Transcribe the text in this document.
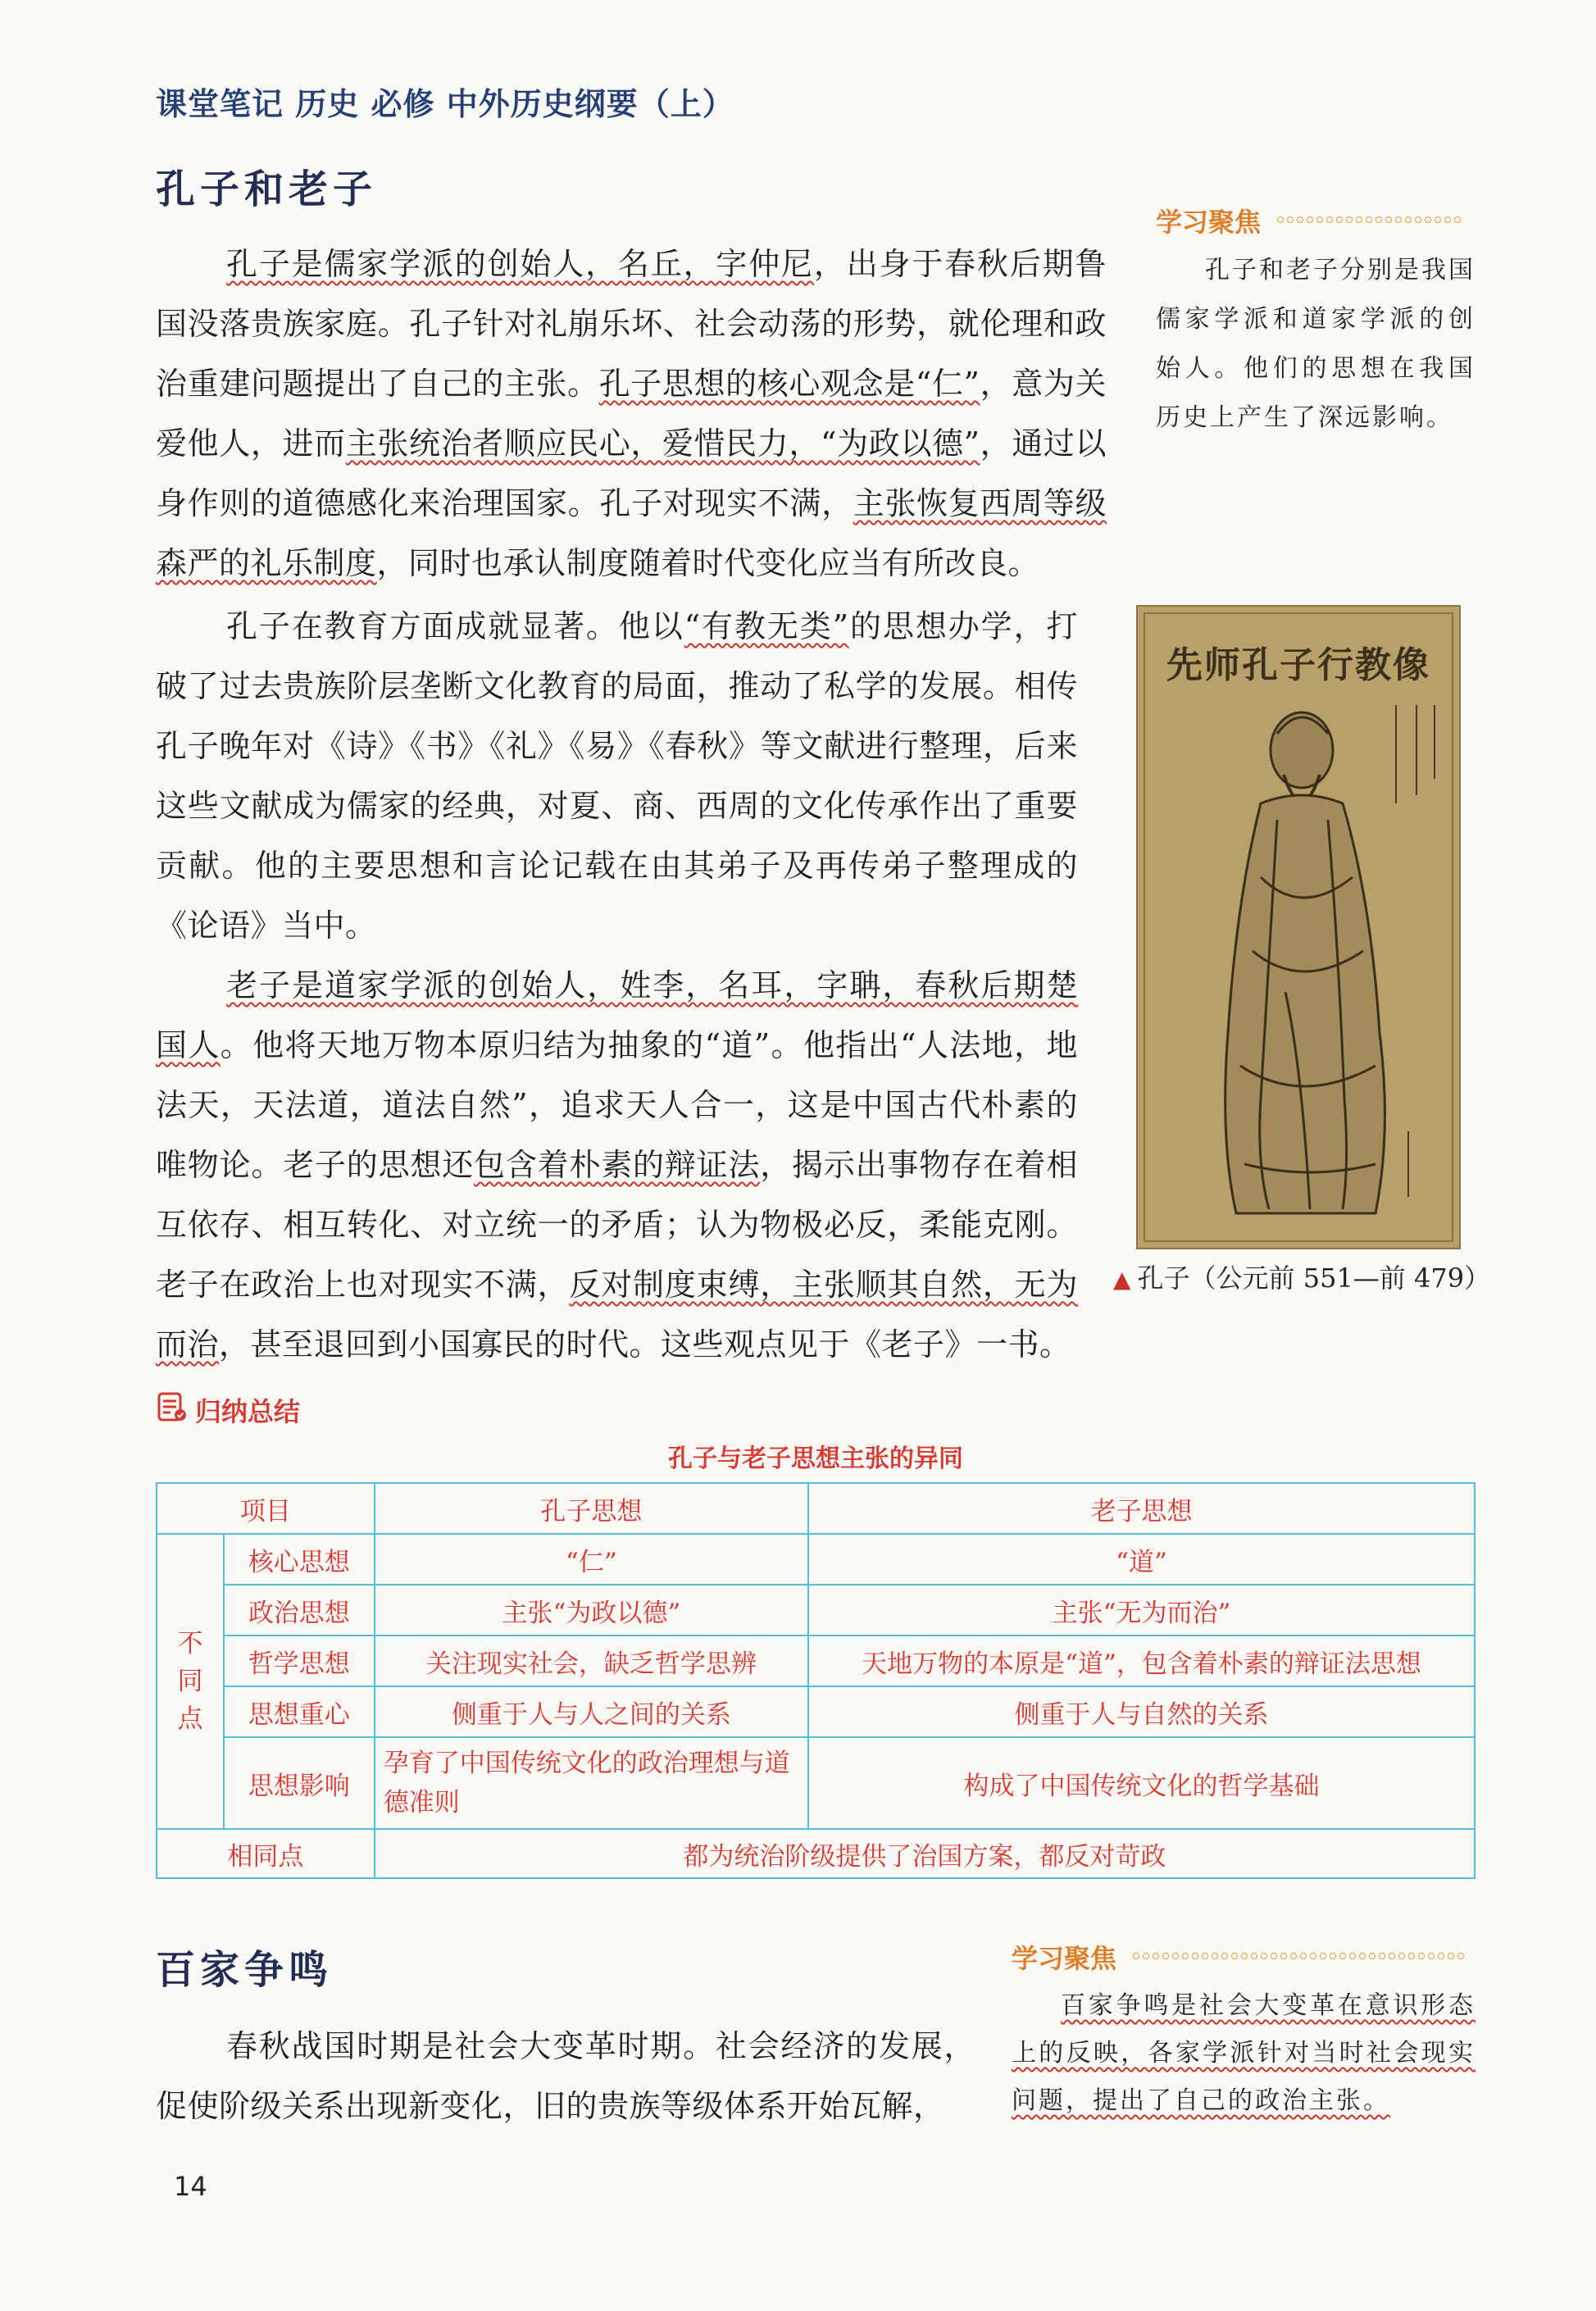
课堂笔记 历史 必修 中外历史纲要（上）
孔子和老子
学习聚焦

孔子和老子分别是我国儒家学派和道家学派的创始人。他们的思想在我国历史上产生了深远影响。

孔子是儒家学派的创始人，名丘，字仲尼，出身于春秋后期鲁国没落贵族家庭。孔子针对礼崩乐坏、社会动荡的形势，就伦理和政治重建问题提出了自己的主张。孔子思想的核心观念是“仁”，意为关爱他人，进而主张统治者顺应民心，爱惜民力，“为政以德”，通过以身作则的道德感化来治理国家。孔子对现实不满，主张恢复西周等级森严的礼乐制度，同时也承认制度随着时代变化应当有所改良。

孔子在教育方面成就显著。他以“有教无类”的思想办学，打破了过去贵族阶层垄断文化教育的局面，推动了私学的发展。相传孔子晚年对《诗》《书》《礼》《易》《春秋》等文献进行整理，后来这些文献成为儒家的经典，对夏、商、西周的文化传承作出了重要贡献。他的主要思想和言论记载在由其弟子及再传弟子整理成的《论语》当中。

老子是道家学派的创始人，姓李，名耳，字聃，春秋后期楚国人。他将天地万物本原归结为抽象的“道”。他指出“人法地，地法天，天法道，道法自然”，追求天人合一，这是中国古代朴素的唯物论。老子的思想还包含着朴素的辩证法，揭示出事物存在着相互依存、相互转化、对立统一的矛盾；认为物极必反，柔能克刚。老子在政治上也对现实不满，反对制度束缚，主张顺其自然，无为而治，甚至退回到小国寡民的时代。这些观点见于《老子》一书。

先师孔子行教像
▲ 孔子（公元前 551—前 479）
归纳总结
孔子与老子思想主张的异同
项目		孔子思想	老子思想
不同点	核心思想	“仁”	“道”
	政治思想	主张“为政以德”	主张“无为而治”
	哲学思想	关注现实社会，缺乏哲学思辨	天地万物的本原是“道”，包含着朴素的辩证法思想
	思想重心	侧重于人与人之间的关系	侧重于人与自然的关系
	思想影响	孕育了中国传统文化的政治理想与道德准则	构成了中国传统文化的哲学基础
相同点		都为统治阶级提供了治国方案，都反对苛政	
百家争鸣	学习聚焦

百家争鸣是社会大变革在意识形态上的反映，各家学派针对当时社会现实问题，提出了自己的政治主张。

春秋战国时期是社会大变革时期。社会经济的发展，促使阶级关系出现新变化，旧的贵族等级体系开始瓦解，

14
